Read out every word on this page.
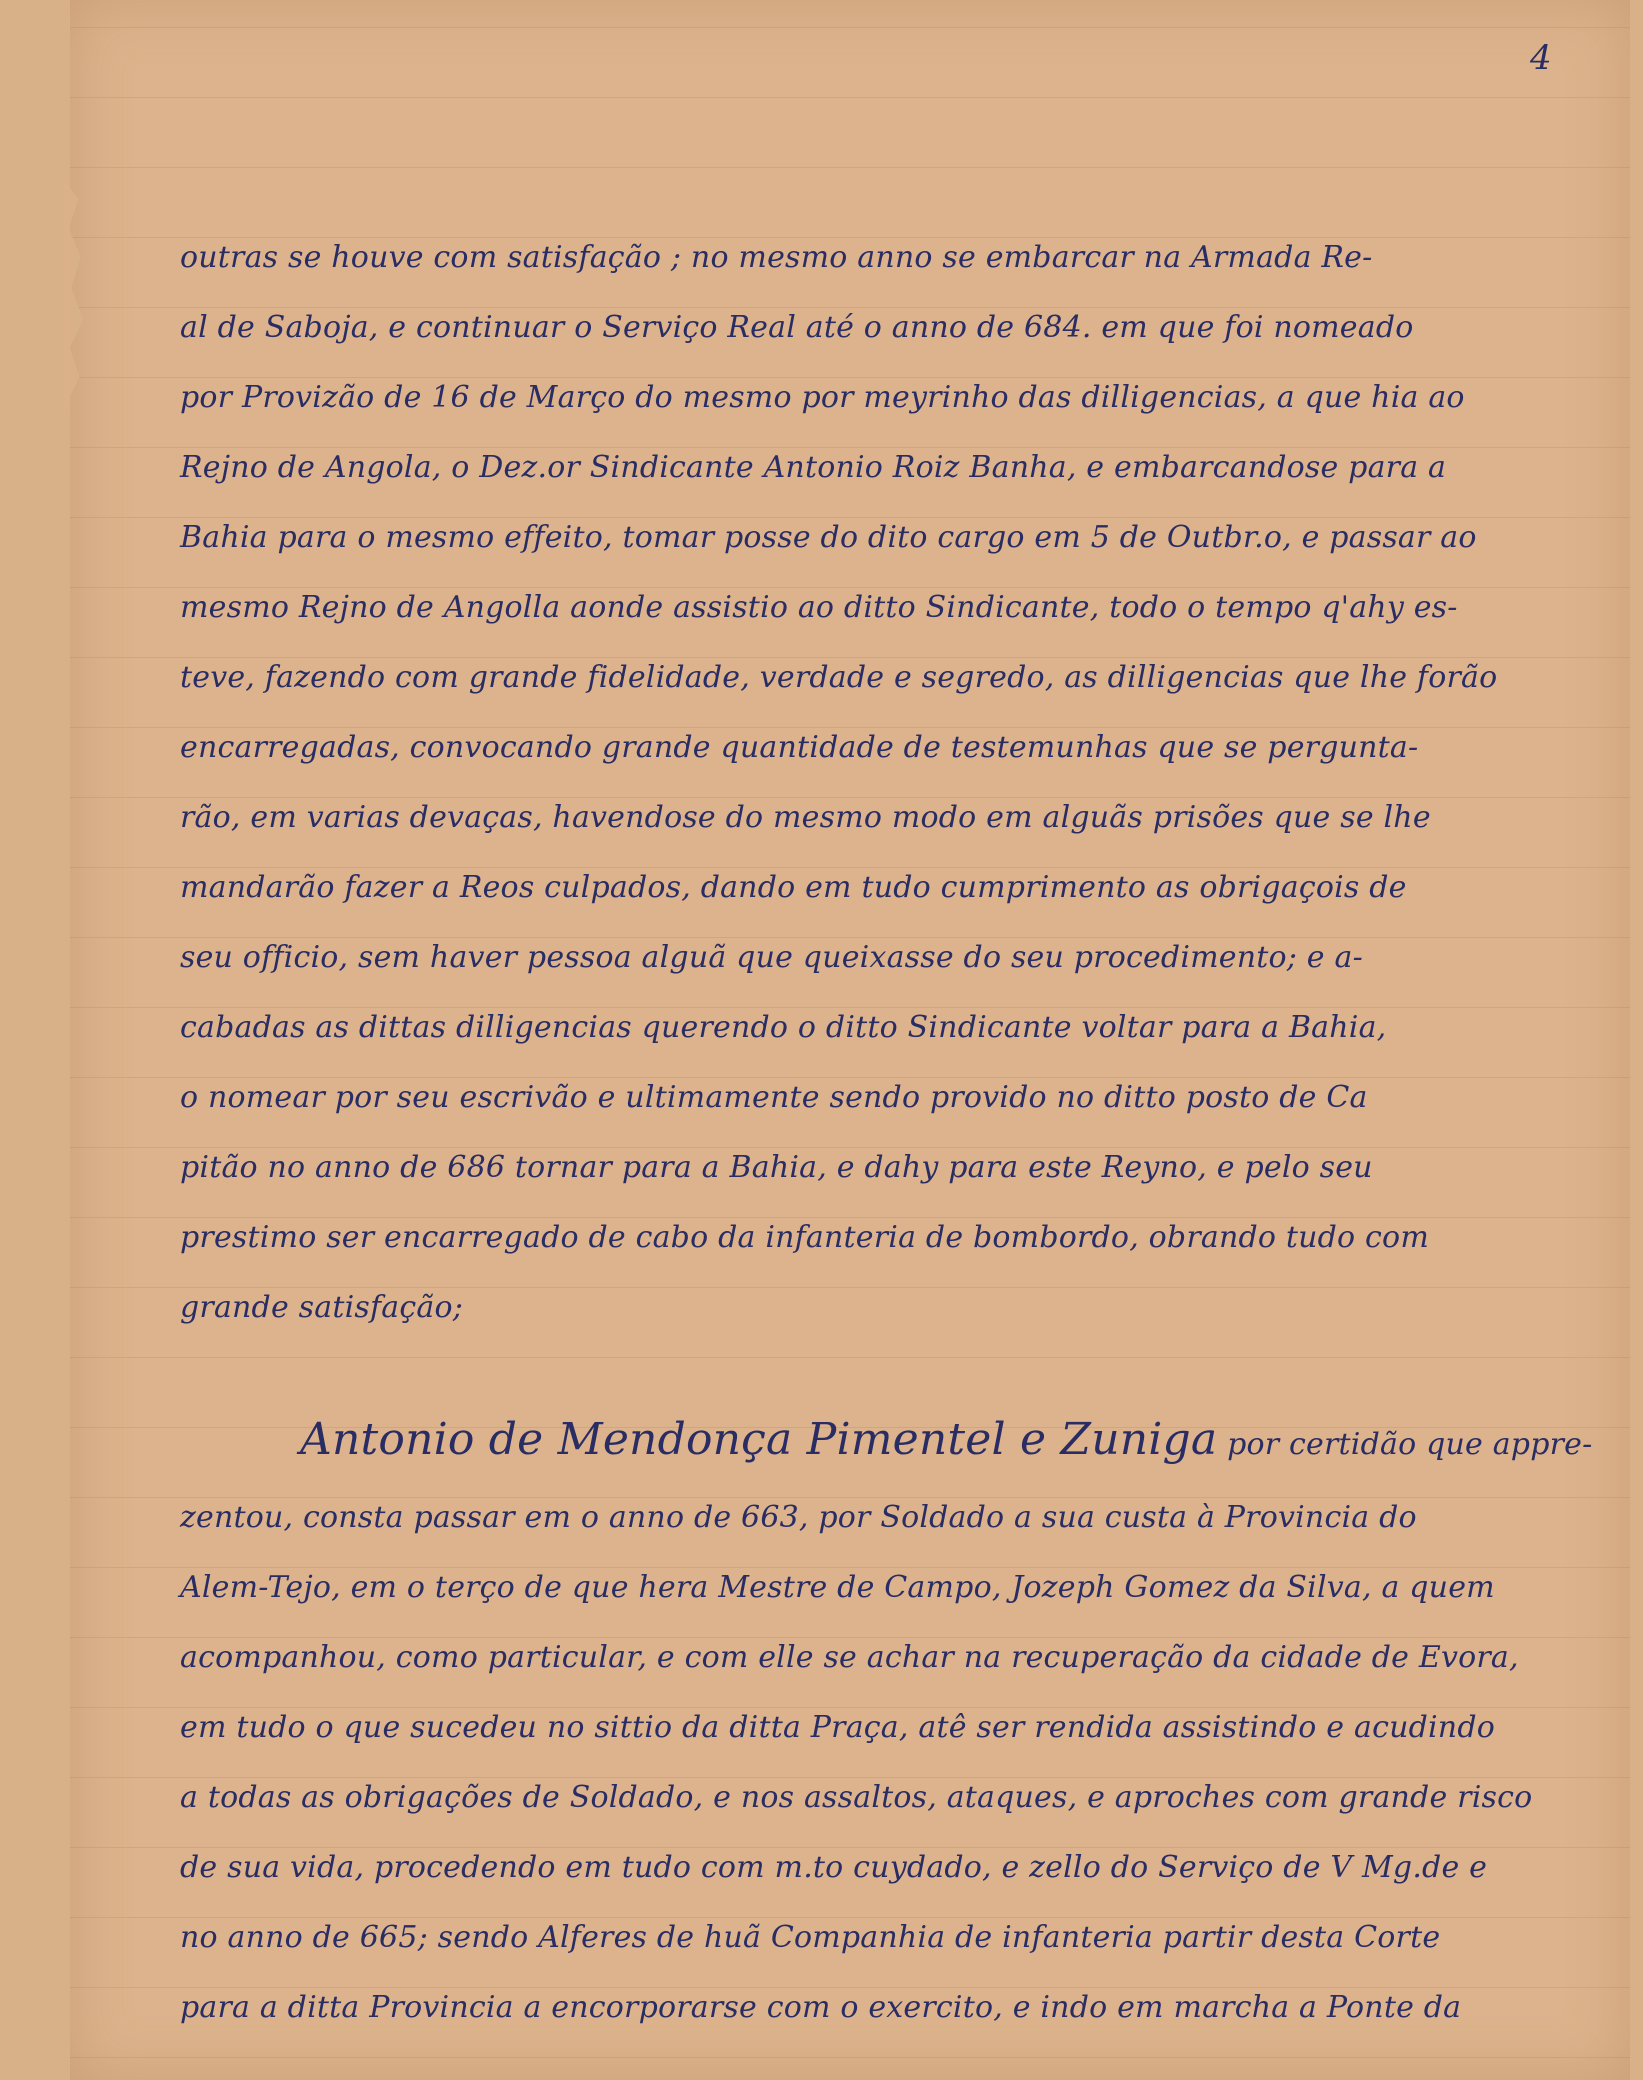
4
outras se houve com satisfação ; no mesmo anno se embarcar na Armada Re-
al de Saboja, e continuar o Serviço Real até o anno de 684. em que foi nomeado
por Provizão de 16 de Março do mesmo por meyrinho das dilligencias, a que hia ao
Rejno de Angola, o Dez.or Sindicante Antonio Roiz Banha, e embarcandose para a
Bahia para o mesmo effeito, tomar posse do dito cargo em 5 de Outbr.o, e passar ao
mesmo Rejno de Angolla aonde assistio ao ditto Sindicante, todo o tempo q'ahy es-
teve, fazendo com grande fidelidade, verdade e segredo, as dilligencias que lhe forão
encarregadas, convocando grande quantidade de testemunhas que se pergunta-
rão, em varias devaças, havendose do mesmo modo em alguãs prisões que se lhe
mandarão fazer a Reos culpados, dando em tudo cumprimento as obrigaçois de
seu officio, sem haver pessoa alguã que queixasse do seu procedimento; e a-
cabadas as dittas dilligencias querendo o ditto Sindicante voltar para a Bahia,
o nomear por seu escrivão e ultimamente sendo provido no ditto posto de Ca
pitão no anno de 686 tornar para a Bahia, e dahy para este Reyno, e pelo seu
prestimo ser encarregado de cabo da infanteria de bombordo, obrando tudo com
grande satisfação;
Antonio de Mendonça Pimentel e Zuniga por certidão que appre-
zentou, consta passar em o anno de 663, por Soldado a sua custa à Provincia do
Alem-Tejo, em o terço de que hera Mestre de Campo, Jozeph Gomez da Silva, a quem
acompanhou, como particular, e com elle se achar na recuperação da cidade de Evora,
em tudo o que sucedeu no sittio da ditta Praça, atê ser rendida assistindo e acudindo
a todas as obrigações de Soldado, e nos assaltos, ataques, e aproches com grande risco
de sua vida, procedendo em tudo com m.to cuydado, e zello do Serviço de V Mg.de e
no anno de 665; sendo Alferes de huã Companhia de infanteria partir desta Corte
para a ditta Provincia a encorporarse com o exercito, e indo em marcha a Ponte da
